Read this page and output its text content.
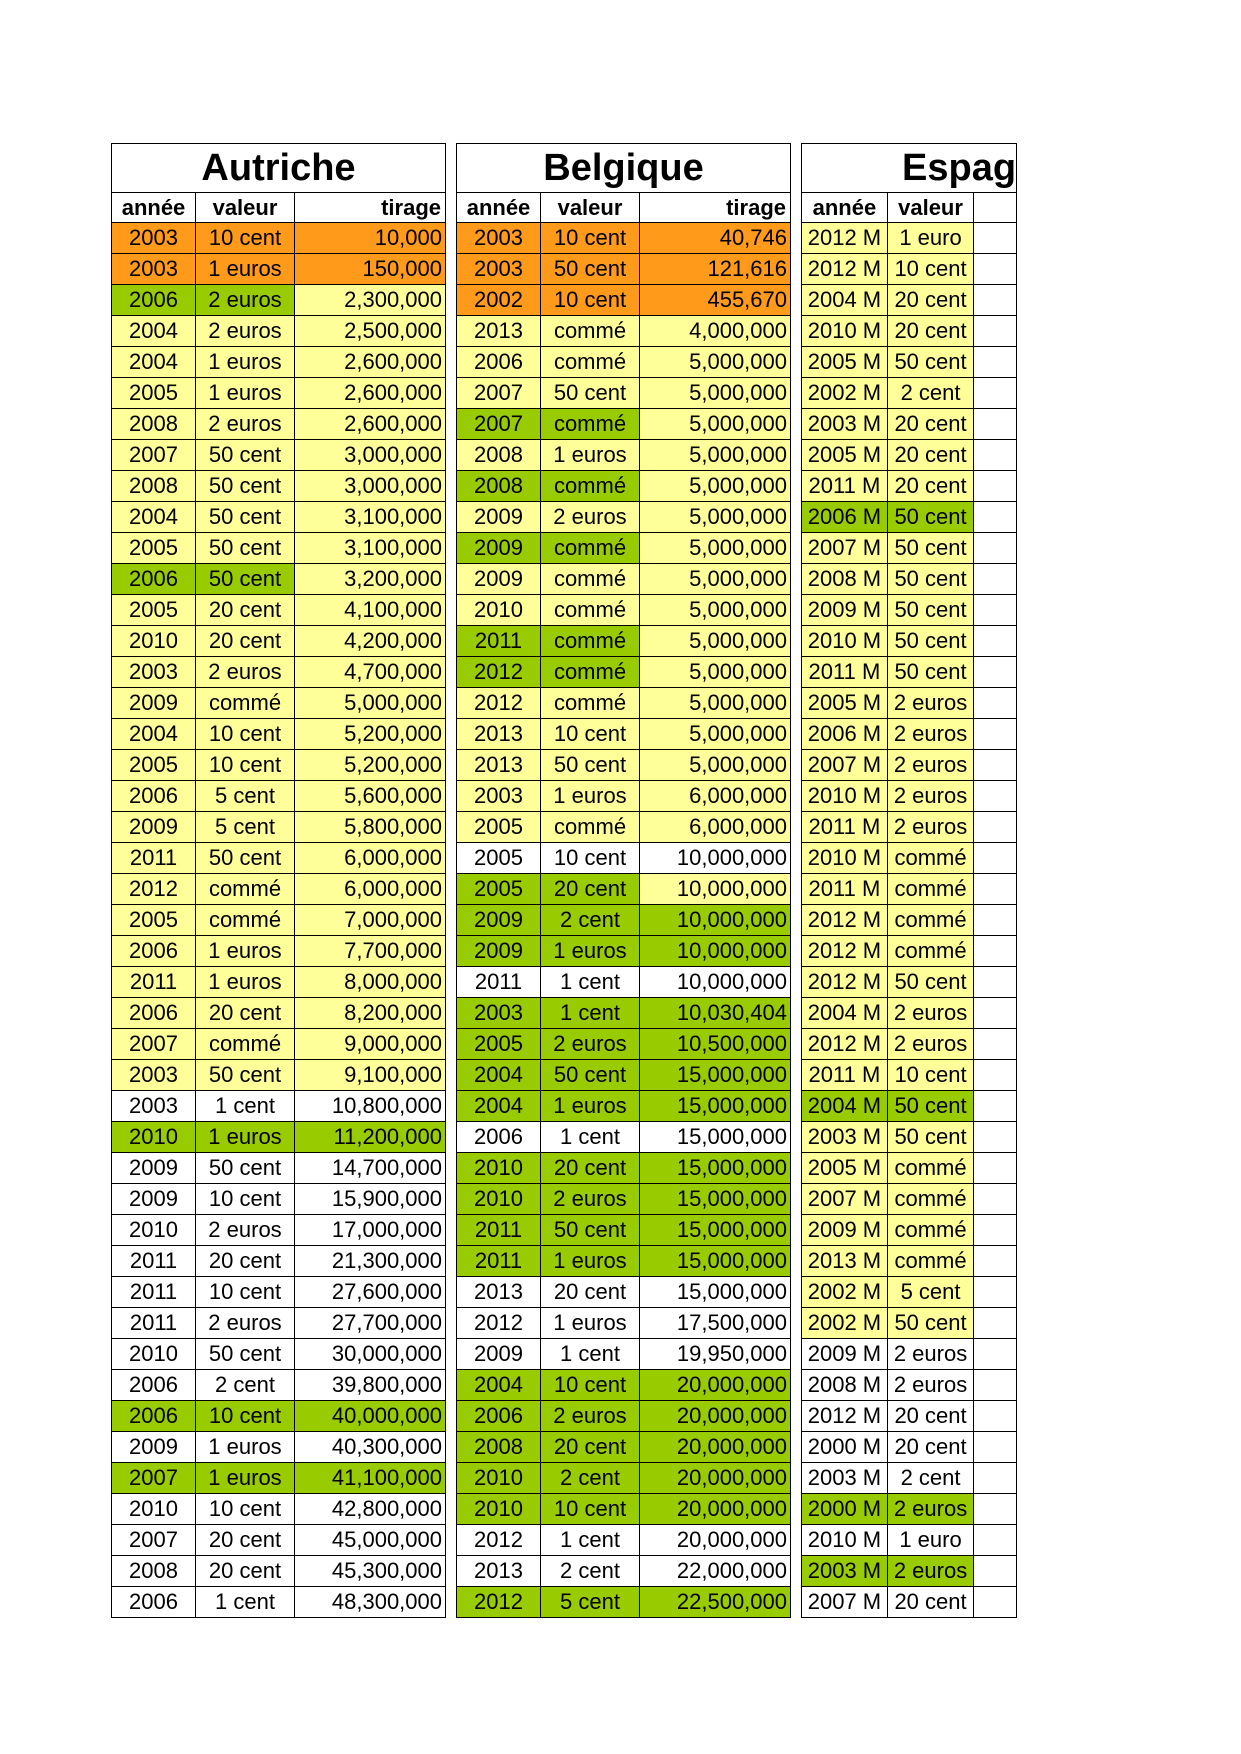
Autriche		
année	valeur	tirage
2003	10 cent	10,000
2003	1 euros	150,000
2006	2 euros	2,300,000
2004	2 euros	2,500,000
2004	1 euros	2,600,000
2005	1 euros	2,600,000
2008	2 euros	2,600,000
2007	50 cent	3,000,000
2008	50 cent	3,000,000
2004	50 cent	3,100,000
2005	50 cent	3,100,000
2006	50 cent	3,200,000
2005	20 cent	4,100,000
2010	20 cent	4,200,000
2003	2 euros	4,700,000
2009	commé	5,000,000
2004	10 cent	5,200,000
2005	10 cent	5,200,000
2006	5 cent	5,600,000
2009	5 cent	5,800,000
2011	50 cent	6,000,000
2012	commé	6,000,000
2005	commé	7,000,000
2006	1 euros	7,700,000
2011	1 euros	8,000,000
2006	20 cent	8,200,000
2007	commé	9,000,000
2003	50 cent	9,100,000
2003	1 cent	10,800,000
2010	1 euros	11,200,000
2009	50 cent	14,700,000
2009	10 cent	15,900,000
2010	2 euros	17,000,000
2011	20 cent	21,300,000
2011	10 cent	27,600,000
2011	2 euros	27,700,000
2010	50 cent	30,000,000
2006	2 cent	39,800,000
2006	10 cent	40,000,000
2009	1 euros	40,300,000
2007	1 euros	41,100,000
2010	10 cent	42,800,000
2007	20 cent	45,000,000
2008	20 cent	45,300,000
2006	1 cent	48,300,000
Belgique		
année	valeur	tirage
2003	10 cent	40,746
2003	50 cent	121,616
2002	10 cent	455,670
2013	commé	4,000,000
2006	commé	5,000,000
2007	50 cent	5,000,000
2007	commé	5,000,000
2008	1 euros	5,000,000
2008	commé	5,000,000
2009	2 euros	5,000,000
2009	commé	5,000,000
2009	commé	5,000,000
2010	commé	5,000,000
2011	commé	5,000,000
2012	commé	5,000,000
2012	commé	5,000,000
2013	10 cent	5,000,000
2013	50 cent	5,000,000
2003	1 euros	6,000,000
2005	commé	6,000,000
2005	10 cent	10,000,000
2005	20 cent	10,000,000
2009	2 cent	10,000,000
2009	1 euros	10,000,000
2011	1 cent	10,000,000
2003	1 cent	10,030,404
2005	2 euros	10,500,000
2004	50 cent	15,000,000
2004	1 euros	15,000,000
2006	1 cent	15,000,000
2010	20 cent	15,000,000
2010	2 euros	15,000,000
2011	50 cent	15,000,000
2011	1 euros	15,000,000
2013	20 cent	15,000,000
2012	1 euros	17,500,000
2009	1 cent	19,950,000
2004	10 cent	20,000,000
2006	2 euros	20,000,000
2008	20 cent	20,000,000
2010	2 cent	20,000,000
2010	10 cent	20,000,000
2012	1 cent	20,000,000
2013	2 cent	22,000,000
2012	5 cent	22,500,000
Espag		
année	valeur	
2012 M	1 euro	
2012 M	10 cent	
2004 M	20 cent	
2010 M	20 cent	
2005 M	50 cent	
2002 M	2 cent	
2003 M	20 cent	
2005 M	20 cent	
2011 M	20 cent	
2006 M	50 cent	
2007 M	50 cent	
2008 M	50 cent	
2009 M	50 cent	
2010 M	50 cent	
2011 M	50 cent	
2005 M	2 euros	
2006 M	2 euros	
2007 M	2 euros	
2010 M	2 euros	
2011 M	2 euros	
2010 M	commé	
2011 M	commé	
2012 M	commé	
2012 M	commé	
2012 M	50 cent	
2004 M	2 euros	
2012 M	2 euros	
2011 M	10 cent	
2004 M	50 cent	
2003 M	50 cent	
2005 M	commé	
2007 M	commé	
2009 M	commé	
2013 M	commé	
2002 M	5 cent	
2002 M	50 cent	
2009 M	2 euros	
2008 M	2 euros	
2012 M	20 cent	
2000 M	20 cent	
2003 M	2 cent	
2000 M	2 euros	
2010 M	1 euro	
2003 M	2 euros	
2007 M	20 cent	
